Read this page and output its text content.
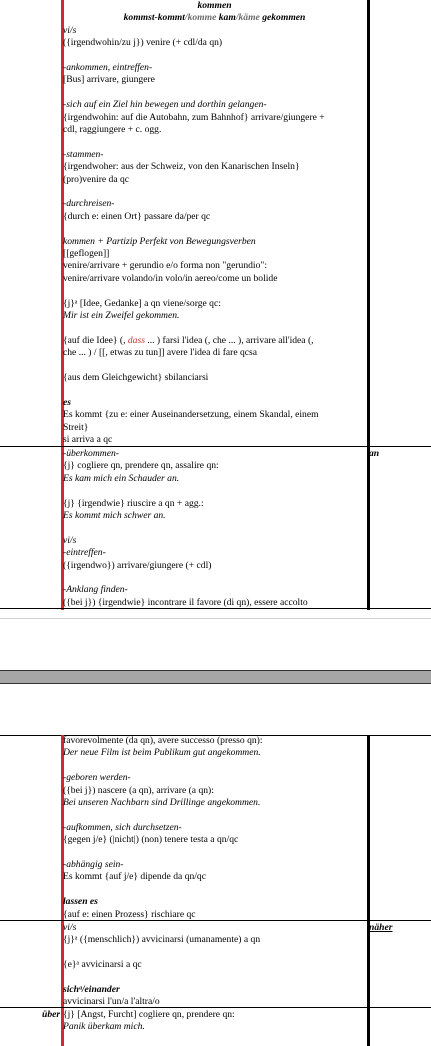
kommen
kommst-kommt/komme kam/käme gekommen
vi/s
({irgendwohin/zu j}) venire (+ cdl/da qn)
-ankommen, eintreffen-
[Bus] arrivare, giungere
-sich auf ein Ziel hin bewegen und dorthin gelangen-
{irgendwohin: auf die Autobahn, zum Bahnhof} arrivare/giungere +
cdl, raggiungere + c. ogg.
-stammen-
{irgendwoher: aus der Schweiz, von den Kanarischen Inseln}
(pro)venire da qc
-durchreisen-
{durch e: einen Ort} passare da/per qc
kommen + Partizip Perfekt von Bewegungsverben
[[geflogen]]
venire/arrivare + gerundio e/o forma non "gerundio":
venire/arrivare volando/in volo/in aereo/come un bolide
{j}ᵃ [Idee, Gedanke] a qn viene/sorge qc:
Mir ist ein Zweifel gekommen.
{auf die Idee} (, dass ... ) farsi l'idea (, che ... ), arrivare all'idea (,
che ... ) / [[, etwas zu tun]] avere l'idea di fare qcsa
{aus dem Gleichgewicht} sbilanciarsi
es
Es kommt {zu e: einer Auseinandersetzung, einem Skandal, einem
Streit}
si arriva a qc
an
-überkommen-
{j} cogliere qn, prendere qn, assalire qn:
Es kam mich ein Schauder an.
{j} {irgendwie} riuscire a qn + agg.:
Es kommt mich schwer an.
vi/s
-eintreffen-
({irgendwo}) arrivare/giungere (+ cdl)
-Anklang finden-
({bei j}) {irgendwie} incontrare il favore (di qn), essere accolto
favorevolmente (da qn), avere successo (presso qn):
Der neue Film ist beim Publikum gut angekommen.
-geboren werden-
({bei j}) nascere (a qn), arrivare (a qn):
Bei unseren Nachbarn sind Drillinge angekommen.
-aufkommen, sich durchsetzen-
{gegen j/e} (|nicht|) (non) tenere testa a qn/qc
-abhängig sein-
Es kommt {auf j/e} dipende da qn/qc
lassen es
{auf e: einen Prozess} rischiare qc
näher
vi/s
{j}ᵃ ({menschlich}) avvicinarsi (umanamente) a qn
{e}ᵃ avvicinarsi a qc
sichᵃ/einander
avvicinarsi l'un/a l'altra/o
über {j} [Angst, Furcht] cogliere qn, prendere qn:
Panik überkam mich.
